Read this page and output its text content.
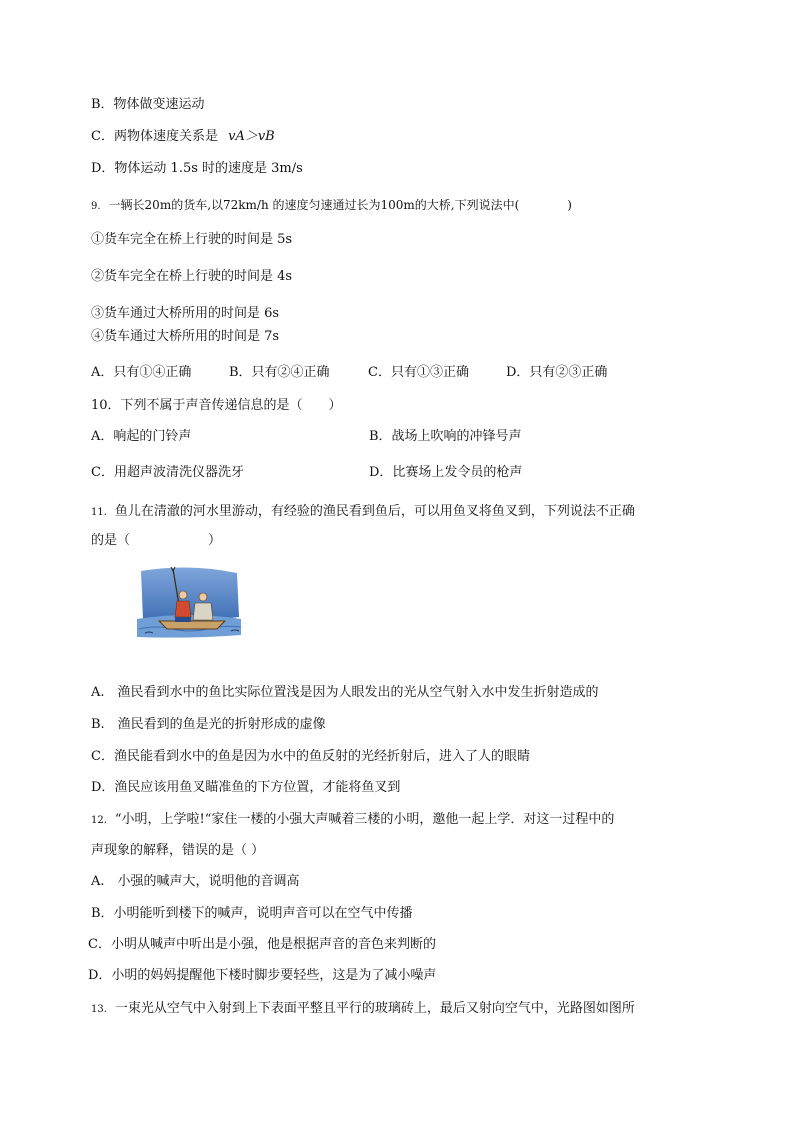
B．物体做变速运动
C．两物体速度关系是 vA＞vB
D．物体运动 1.5s 时的速度是 3m/s
9. 一辆长20m的货车,以72km/h 的速度匀速通过长为100m的大桥,下列说法中(　　　　)
①货车完全在桥上行驶的时间是 5s
②货车完全在桥上行驶的时间是 4s
③货车通过大桥所用的时间是 6s
④货车通过大桥所用的时间是 7s
A．只有①④正确	B．只有②④正确	C．只有①③正确	D．只有②③正确
10．下列不属于声音传递信息的是（　　）
A．响起的门铃声	B．战场上吹响的冲锋号声
C．用超声波清洗仪器洗牙	D．比赛场上发令员的枪声
11. 鱼儿在清澈的河水里游动，有经验的渔民看到鱼后，可以用鱼叉将鱼叉到，下列说法不正确
的是（　　　　　　）
A.　渔民看到水中的鱼比实际位置浅是因为人眼发出的光从空气射入水中发生折射造成的
B.　渔民看到的鱼是光的折射形成的虚像
C．渔民能看到水中的鱼是因为水中的鱼反射的光经折射后，进入了人的眼睛
D．渔民应该用鱼叉瞄准鱼的下方位置，才能将鱼叉到
12. “小明，上学啦!“家住一楼的小强大声喊着三楼的小明，邀他一起上学．对这一过程中的
声现象的解释，错误的是（ ）
A.　小强的喊声大，说明他的音调高
B．小明能听到楼下的喊声，说明声音可以在空气中传播
C．小明从喊声中听出是小强，他是根据声音的音色来判断的
D．小明的妈妈提醒他下楼时脚步要轻些，这是为了减小噪声
13. 一束光从空气中入射到上下表面平整且平行的玻璃砖上，最后又射向空气中，光路图如图所
